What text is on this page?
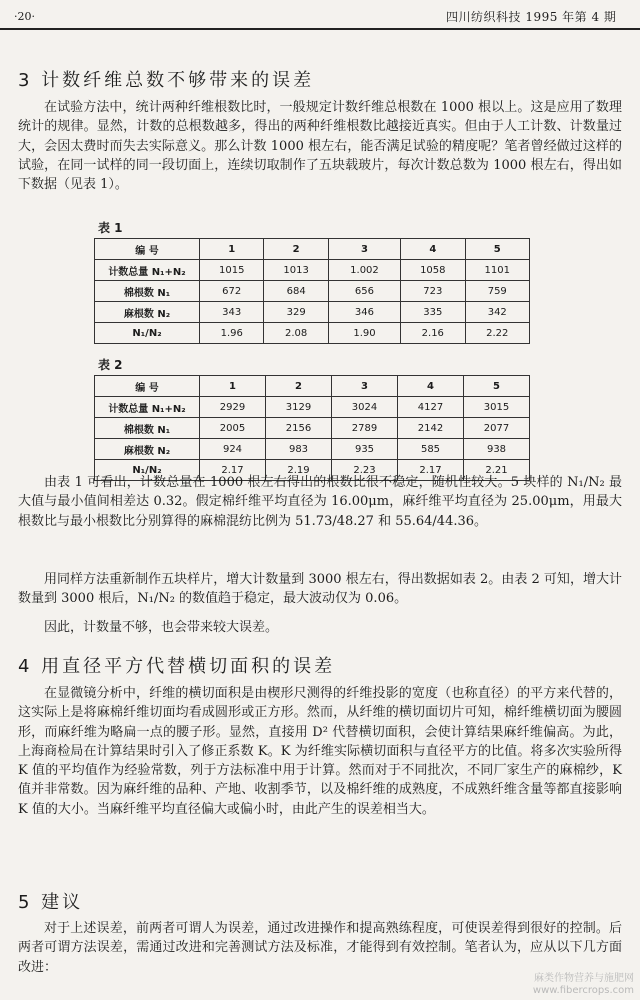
·20·	四川纺织科技 1995 年第 4 期
3 计数纤维总数不够带来的误差
在试验方法中，统计两种纤维根数比时，一般规定计数纤维总根数在 1000 根以上。这是应用了数理统计的规律。显然，计数的总根数越多，得出的两种纤维根数比越接近真实。但由于人工计数、计数量过大，会因太费时而失去实际意义。那么计数 1000 根左右，能否满足试验的精度呢？笔者曾经做过这样的试验，在同一试样的同一段切面上，连续切取制作了五块载玻片，每次计数总数为 1000 根左右，得出如下数据（见表 1）。
表 1
编 号	1	2	3	4	5
计数总量 N₁+N₂	1015	1013	1.002	1058	1101
棉根数 N₁	672	684	656	723	759
麻根数 N₂	343	329	346	335	342
N₁/N₂	1.96	2.08	1.90	2.16	2.22
表 2
编 号	1	2	3	4	5
计数总量 N₁+N₂	2929	3129	3024	4127	3015
棉根数 N₁	2005	2156	2789	2142	2077
麻根数 N₂	924	983	935	585	938
N₁/N₂	2.17	2.19	2.23	2.17	2.21
由表 1 可看出，计数总量在 1000 根左右得出的根数比很不稳定，随机性较大。5 块样的 N₁/N₂ 最大值与最小值间相差达 0.32。假定棉纤维平均直径为 16.00μm，麻纤维平均直径为 25.00μm，用最大根数比与最小根数比分别算得的麻棉混纺比例为 51.73/48.27 和 55.64/44.36。
用同样方法重新制作五块样片，增大计数量到 3000 根左右，得出数据如表 2。由表 2 可知，增大计数量到 3000 根后，N₁/N₂ 的数值趋于稳定，最大波动仅为 0.06。
因此，计数量不够，也会带来较大误差。
4 用直径平方代替横切面积的误差
在显微镜分析中，纤维的横切面积是由楔形尺测得的纤维投影的宽度（也称直径）的平方来代替的，这实际上是将麻棉纤维切面均看成圆形或正方形。然而，从纤维的横切面切片可知，棉纤维横切面为腰圆形，而麻纤维为略扁一点的腰子形。显然，直接用 D² 代替横切面积，会使计算结果麻纤维偏高。为此，上海商检局在计算结果时引入了修正系数 K。K 为纤维实际横切面积与直径平方的比值。将多次实验所得 K 值的平均值作为经验常数，列于方法标准中用于计算。然而对于不同批次，不同厂家生产的麻棉纱，K 值并非常数。因为麻纤维的品种、产地、收割季节，以及棉纤维的成熟度，不成熟纤维含量等都直接影响 K 值的大小。当麻纤维平均直径偏大或偏小时，由此产生的误差相当大。
5 建议
对于上述误差，前两者可谓人为误差，通过改进操作和提高熟练程度，可使误差得到很好的控制。后两者可谓方法误差，需通过改进和完善测试方法及标准，才能得到有效控制。笔者认为，应从以下几方面改进：
麻类作物营养与施肥网
www.fibercrops.com
